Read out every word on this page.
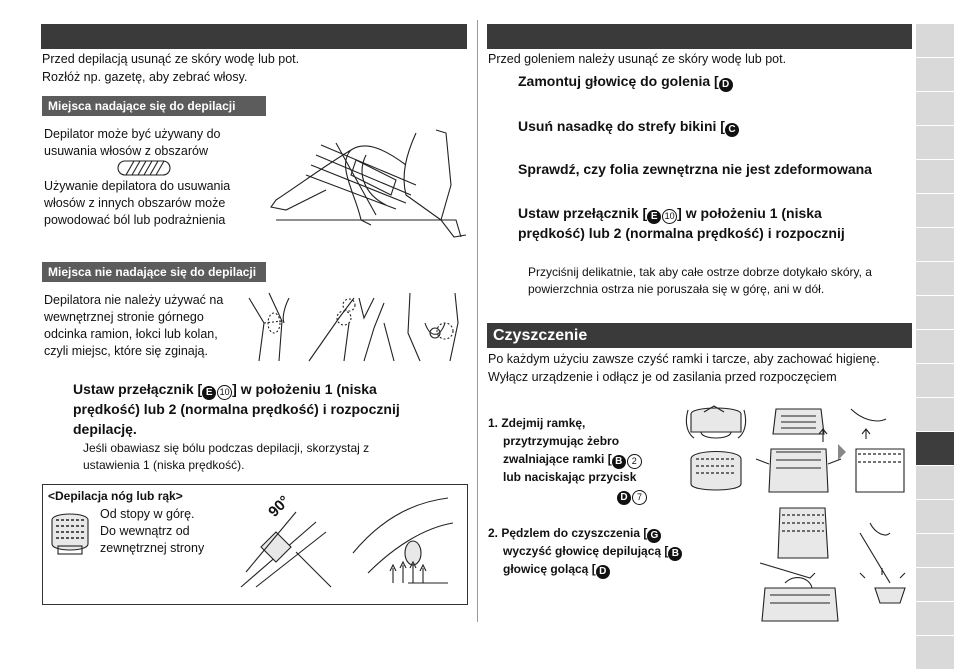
Przed depilacją usunąć ze skóry wodę lub pot.
Rozłóż np. gazetę, aby zebrać włosy.
Miejsca nadające się do depilacji
Depilator może być używany do
usuwania włosów z obszarów
Używanie depilatora do usuwania
włosów z innych obszarów może
powodować ból lub podrażnienia
Miejsca nie nadające się do depilacji
Depilatora nie należy używać na
wewnętrznej stronie górnego
odcinka ramion, łokci lub kolan,
czyli miejsc, które się zginają.
Ustaw przełącznik [ E 10 ] w położeniu 1 (niska
prędkość) lub 2 (normalna prędkość) i rozpocznij
depilację.
Jeśli obawiasz się bólu podczas depilacji, skorzystaj z
ustawienia 1 (niska prędkość).
<Depilacja nóg lub rąk>
Od stopy w górę.
Do wewnątrz od
zewnętrznej strony
90°
Przed goleniem należy usunąć ze skóry wodę lub pot.
Zamontuj głowicę do golenia [ D
Usuń nasadkę do strefy bikini [ C
Sprawdź, czy folia zewnętrzna nie jest zdeformowana
Ustaw przełącznik [ E 10 ] w położeniu 1 (niska
prędkość) lub 2 (normalna prędkość) i rozpocznij
Przyciśnij delikatnie, tak aby całe ostrze dobrze dotykało skóry, a
powierzchnia ostrza nie poruszała się w górę, ani w dół.
Czyszczenie
Po każdym użyciu zawsze czyść ramki i tarcze, aby zachować higienę.
Wyłącz urządzenie i odłącz je od zasilania przed rozpoczęciem
1. Zdejmij ramkę,
przytrzymując żebro
zwalniające ramki [ B 2
lub naciskając przycisk
D 7
2. Pędzlem do czyszczenia [ G
wyczyść głowicę depilującą [ B
głowicę golącą [ D
